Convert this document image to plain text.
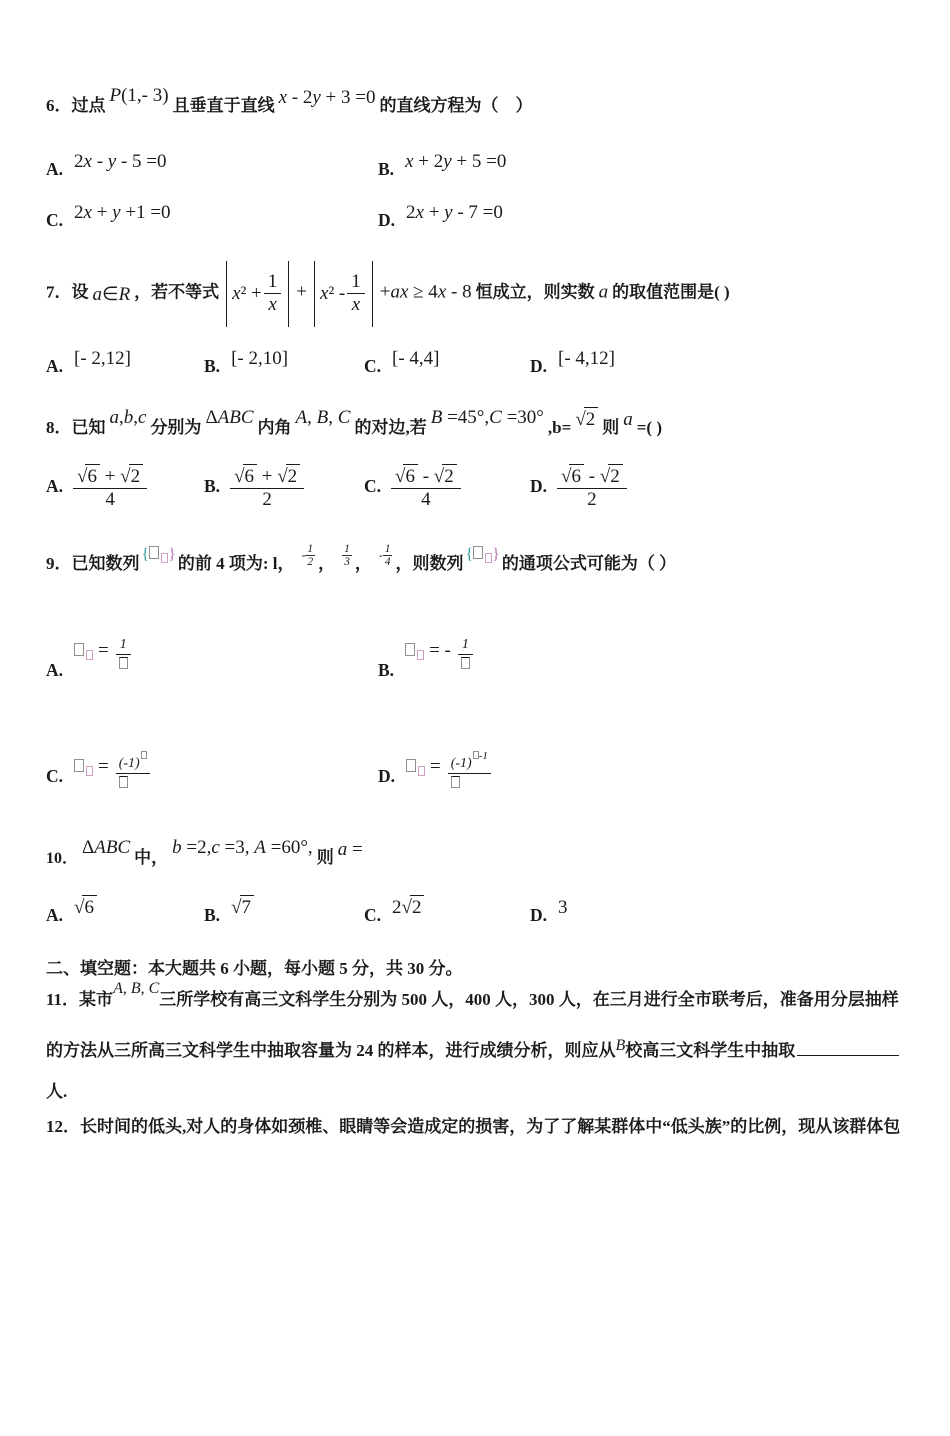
6．过点 P(1,- 3) 且垂直于直线 x - 2y + 3 =0 的直线方程为（　）
A. 2x - y - 5 =0	B. x + 2y + 5 =0
C. 2x + y +1 =0	D. 2x + y - 7 =0
7．设 a∈R ，若不等式 $x^2 + \frac{1}{x} + x^2 - \frac{1}{x} +ax \ge 4x - 8$ 恒成立，则实数 a 的取值范围是( )
A. [- 2,12]	B. [- 2,10]	C. [- 4,4]	D. [- 4,12]
8．已知 a,b,c 分别为 ΔABC 内角 A, B, C 的对边,若 B =45°,C =30° ,b= √2 则 a =( )
A. $\frac{√6 + √2}{4}$	B. $\frac{√6 + √2}{2}$	C. $\frac{√6 - √2}{4}$	D. $\frac{√6 - √2}{2}$
9．已知数列 { } 的前 4 项为: l， - $\frac{1}{2}$ ， $\frac{1}{3}$ ， - $\frac{1}{4}$ ，则数列 { } 的通项公式可能为（ ）
A.= 1
B.= - 1
C. = (-1)
D. = (-1) -1
10． ΔABC 中， b =2,c =3, A =60°, 则 a =
A. √6	B. √7	C. 2√2	D. 3
二、填空题：本大题共 6 小题，每小题 5 分，共 30 分。
11．某市A, B, C三所学校有高三文科学生分别为 500 人，400 人，300 人，在三月进行全市联考后，准备用分层抽样
的方法从三所高三文科学生中抽取容量为 24 的样本，进行成绩分析，则应从B校高三文科学生中抽取
人.
12．长时间的低头,对人的身体如颈椎、眼睛等会造成定的损害，为了了解某群体中“低头族”的比例，现从该群体包
